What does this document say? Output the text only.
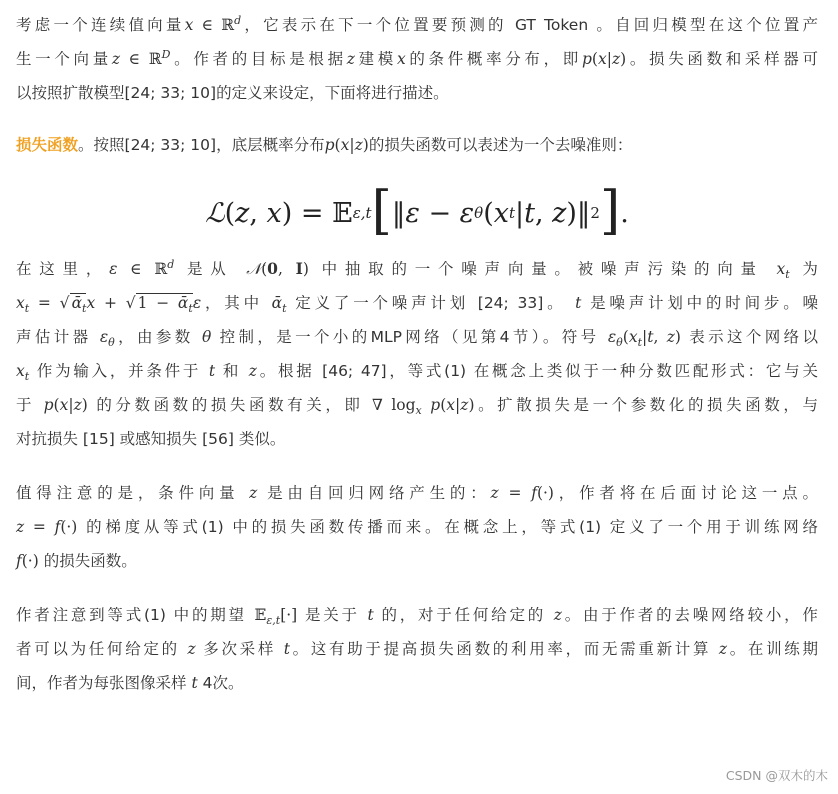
考虑一个连续值向量x ∈ ℝ$^d$，它表示在下一个位置要预测的 GT Token 。自回归模型在这个位置产

生一个向量z ∈ ℝ$^D$。作者的目标是根据z建模x的条件概率分布，即p(x|z)。损失函数和采样器可

以按照扩散模型[24; 33; 10]的定义来设定，下面将进行描述。

损失函数。按照[24; 33; 10]，底层概率分布p(x|z)的损失函数可以表述为一个去噪准则：

ℒ ( z , x ) = 𝔼 ε,t [ ‖ ε − ε θ ( x t | t , z )‖ 2 ] .

在这里，ε ∈ ℝ$^d$ 是从 𝒩(0, I) 中抽取的一个噪声向量。被噪声污染的向量 $x_t$ 为

$x_t$ = √ ᾱ$_t$x + √ 1 − ᾱ$_t$ε，其中 ᾱ$_t$ 定义了一个噪声计划 [24; 33]。 t 是噪声计划中的时间步。噪

声估计器 $\varepsilon_\theta$，由参数 θ 控制，是一个小的MLP网络（见第4节）。符号 $\varepsilon_\theta(x_t|t$, z) 表示这个网络以

$x_t$ 作为输入，并条件于 t 和 z。根据 [46; 47]，等式(1) 在概念上类似于一种分数匹配形式：它与关

于 p(x|z) 的分数函数的损失函数有关，即 ∇ $\log_x p(x|z)$。扩散损失是一个参数化的损失函数，与

对抗损失 [15] 或感知损失 [56] 类似。

值得注意的是，条件向量 z 是由自回归网络产生的：z = f(·)，作者将在后面讨论这一点。

z = f(·) 的梯度从等式(1) 中的损失函数传播而来。在概念上，等式(1) 定义了一个用于训练网络

f(·) 的损失函数。

作者注意到等式(1) 中的期望 𝔼$_{\varepsilon,t}$[·] 是关于 t 的，对于任何给定的 z。由于作者的去噪网络较小，作

者可以为任何给定的 z 多次采样 t。这有助于提高损失函数的利用率，而无需重新计算 z。在训练期

间，作者为每张图像采样 t 4次。

CSDN @双木的木
